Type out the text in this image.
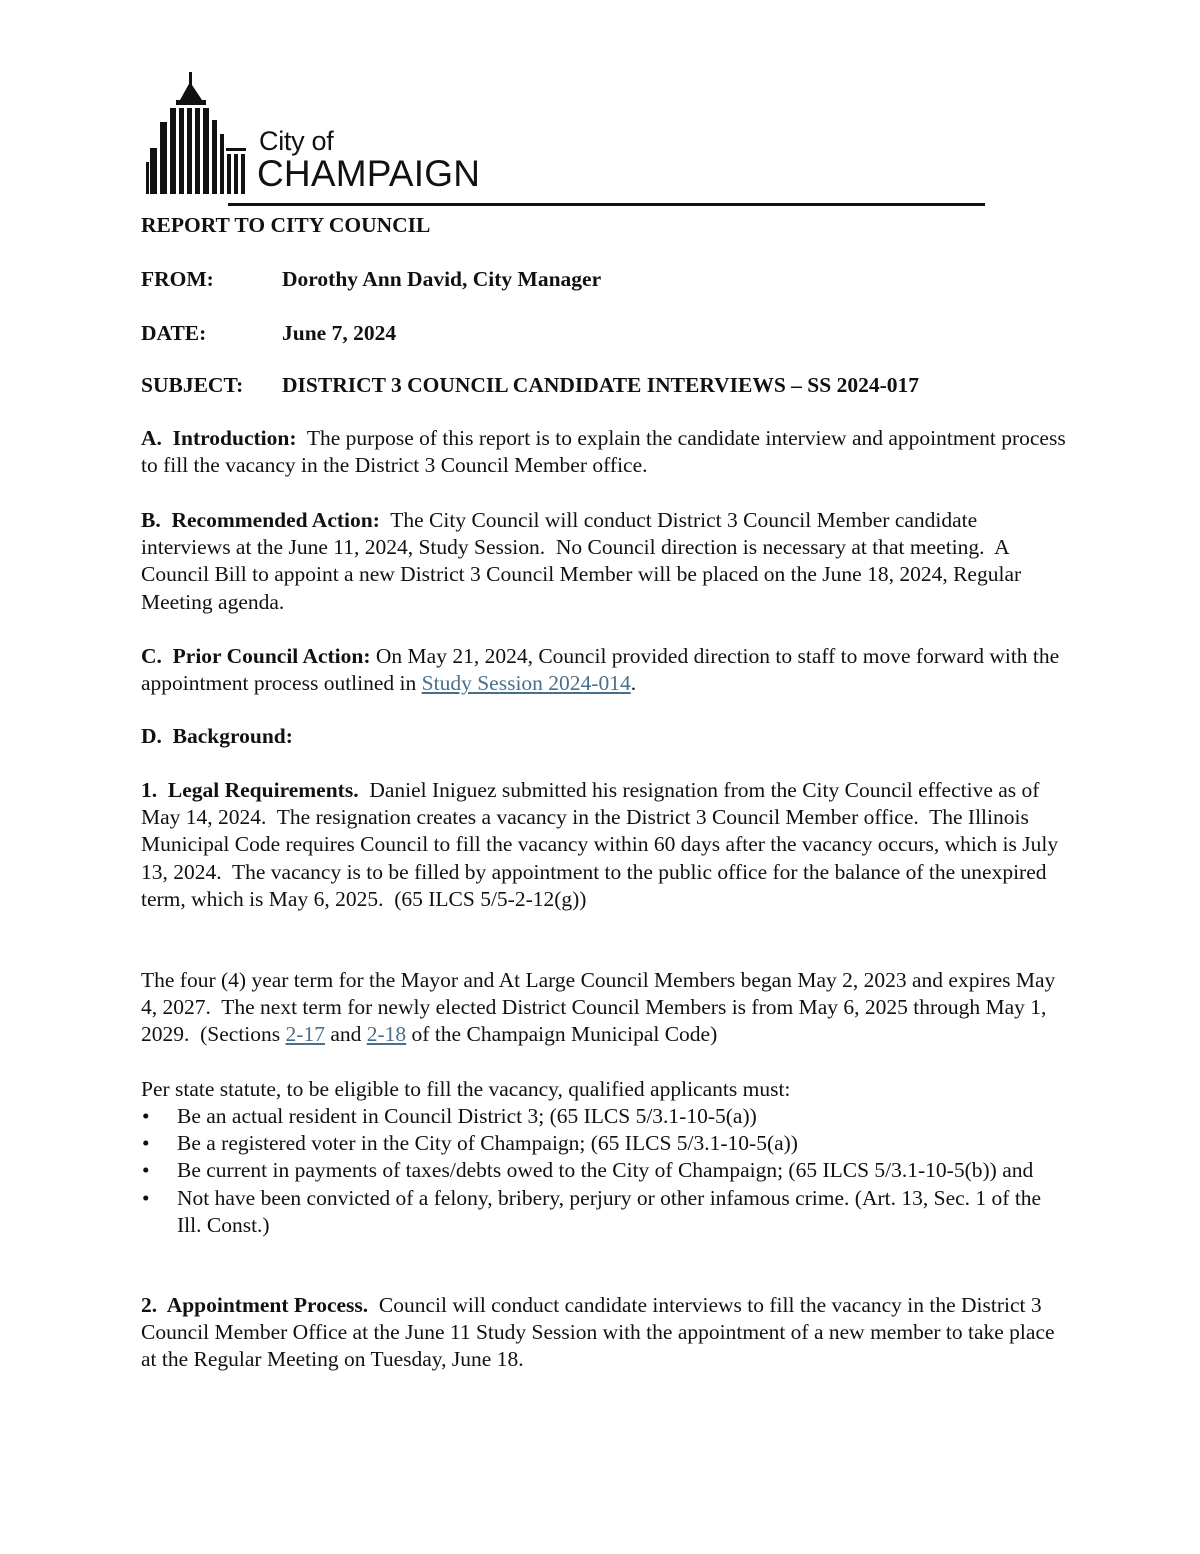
City of
CHAMPAIGN
REPORT TO CITY COUNCIL
FROM:	Dorothy Ann David, City Manager
DATE:	June 7, 2024
SUBJECT: DISTRICT 3 COUNCIL CANDIDATE INTERVIEWS – SS 2024-017

A.  Introduction:  The purpose of this report is to explain the candidate interview and appointment process to fill the vacancy in the District 3 Council Member office.

B.  Recommended Action:  The City Council will conduct District 3 Council Member candidate interviews at the June 11, 2024, Study Session.  No Council direction is necessary at that meeting.  A Council Bill to appoint a new District 3 Council Member will be placed on the June 18, 2024, Regular Meeting agenda.

C.  Prior Council Action: On May 21, 2024, Council provided direction to staff to move forward with the appointment process outlined in Study Session 2024-014.

D.  Background:

1.  Legal Requirements.  Daniel Iniguez submitted his resignation from the City Council effective as of May 14, 2024.  The resignation creates a vacancy in the District 3 Council Member office.  The Illinois Municipal Code requires Council to fill the vacancy within 60 days after the vacancy occurs, which is July 13, 2024.  The vacancy is to be filled by appointment to the public office for the balance of the unexpired term, which is May 6, 2025.  (65 ILCS 5/5-2-12(g))

The four (4) year term for the Mayor and At Large Council Members began May 2, 2023 and expires May 4, 2027.  The next term for newly elected District Council Members is from May 6, 2025 through May 1, 2029.  (Sections 2-17 and 2-18 of the Champaign Municipal Code)

Per state statute, to be eligible to fill the vacancy, qualified applicants must:

• Be an actual resident in Council District 3; (65 ILCS 5/3.1-10-5(a))
• Be a registered voter in the City of Champaign; (65 ILCS 5/3.1-10-5(a))
• Be current in payments of taxes/debts owed to the City of Champaign; (65 ILCS 5/3.1-10-5(b)) and
• Not have been convicted of a felony, bribery, perjury or other infamous crime. (Art. 13, Sec. 1 of the Ill. Const.)

2.  Appointment Process.  Council will conduct candidate interviews to fill the vacancy in the District 3 Council Member Office at the June 11 Study Session with the appointment of a new member to take place at the Regular Meeting on Tuesday, June 18.
